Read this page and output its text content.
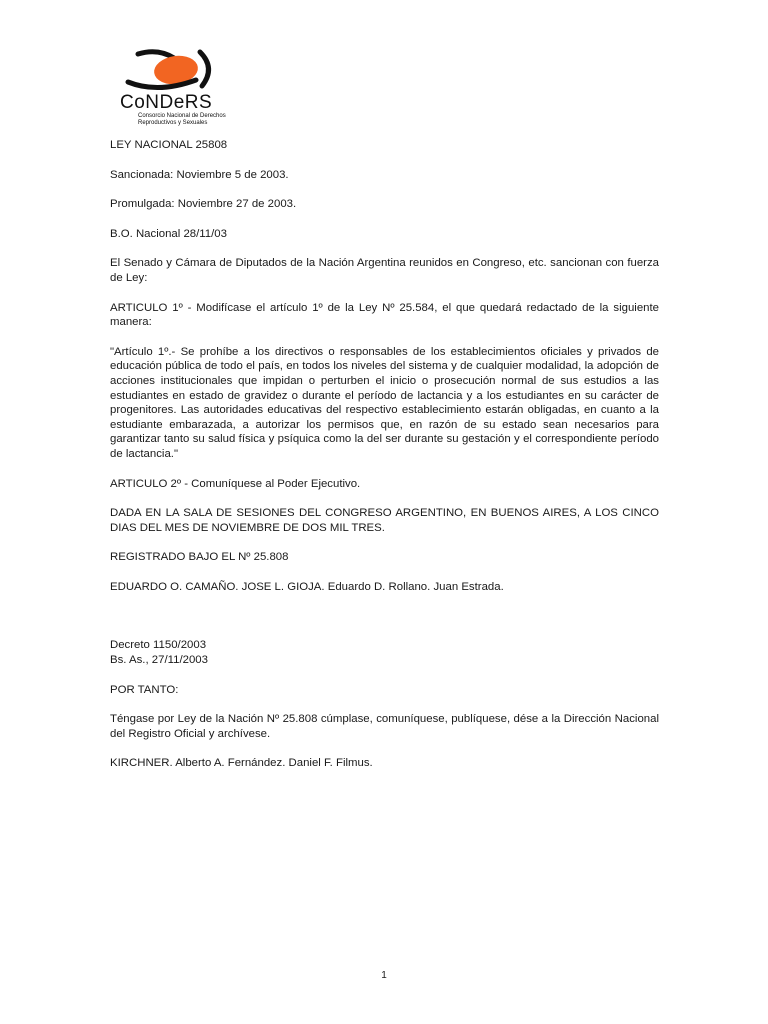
CoNDeRS
Consorcio Nacional de Derechos
Reproductivos y Sexuales

LEY NACIONAL 25808

Sancionada: Noviembre 5 de 2003.

Promulgada: Noviembre 27 de 2003.

B.O. Nacional 28/11/03

El Senado y Cámara de Diputados de la Nación Argentina reunidos en Congreso, etc. sancionan con fuerza de Ley:

ARTICULO 1º - Modifícase el artículo 1º de la Ley Nº 25.584, el que quedará redactado de la siguiente manera:

"Artículo 1º.- Se prohíbe a los directivos o responsables de los establecimientos oficiales y privados de educación pública de todo el país, en todos los niveles del sistema y de cualquier modalidad, la adopción de acciones institucionales que impidan o perturben el inicio o prosecución normal de sus estudios a las estudiantes en estado de gravidez o durante el período de lactancia y a los estudiantes en su carácter de progenitores. Las autoridades educativas del respectivo establecimiento estarán obligadas, en cuanto a la estudiante embarazada, a autorizar los permisos que, en razón de su estado sean necesarios para garantizar tanto su salud física y psíquica como la del ser durante su gestación y el correspondiente período de lactancia."

ARTICULO 2º - Comuníquese al Poder Ejecutivo.

DADA EN LA SALA DE SESIONES DEL CONGRESO ARGENTINO, EN BUENOS AIRES, A LOS CINCO DIAS DEL MES DE NOVIEMBRE DE DOS MIL TRES.

REGISTRADO BAJO EL Nº 25.808

EDUARDO O. CAMAÑO. JOSE L. GIOJA. Eduardo D. Rollano. Juan Estrada.

Decreto 1150/2003

Bs. As., 27/11/2003

POR TANTO:

Téngase por Ley de la Nación Nº 25.808 cúmplase, comuníquese, publíquese, dése a la Dirección Nacional del Registro Oficial y archívese.

KIRCHNER. Alberto A. Fernández. Daniel F. Filmus.

1
